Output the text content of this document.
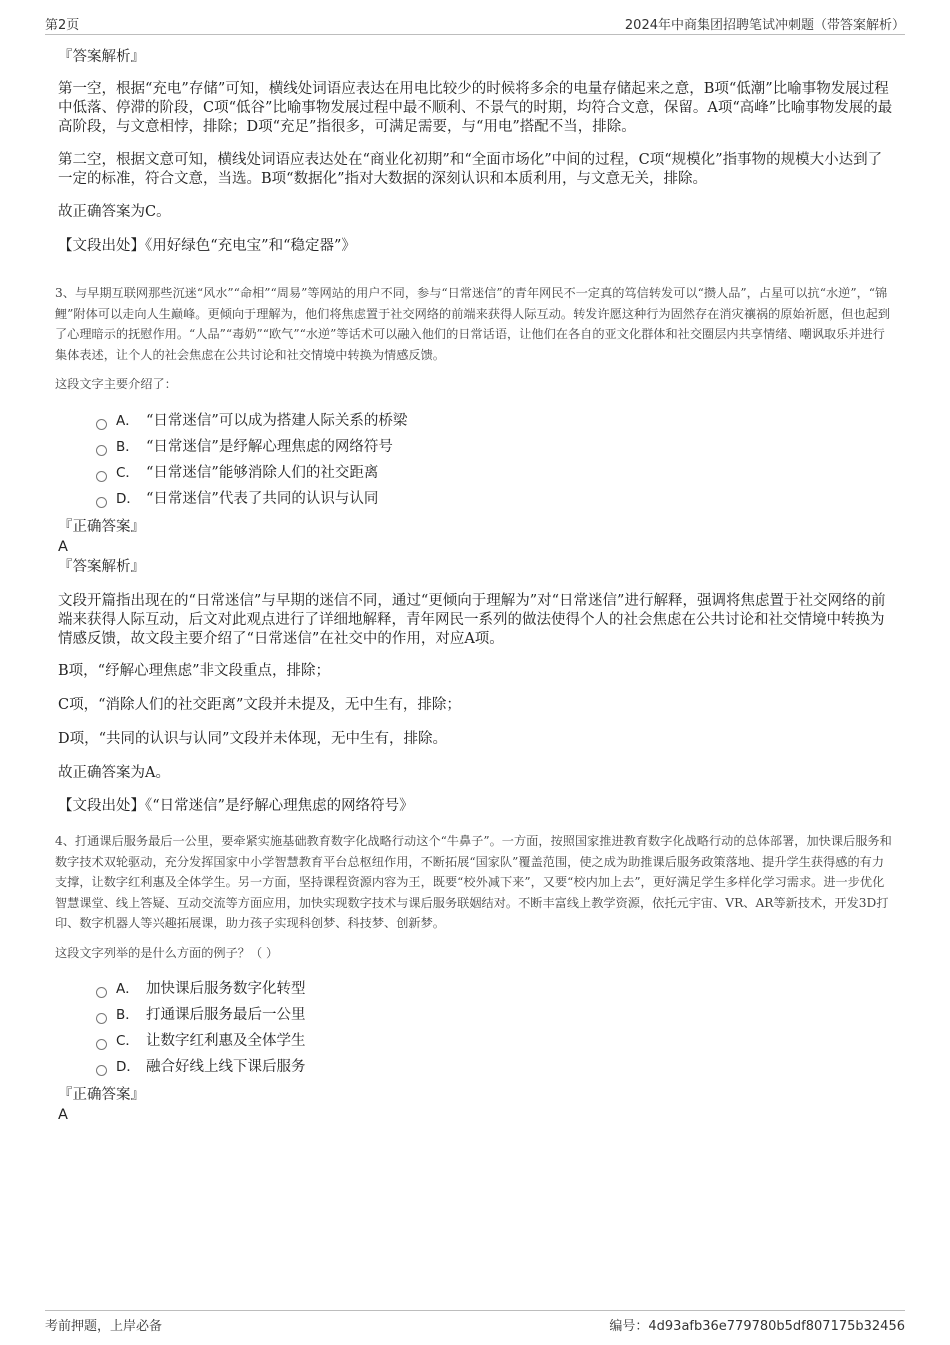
第2页	2024年中商集团招聘笔试冲刺题（带答案解析）
『答案解析』

第一空，根据“充电”存储”可知，横线处词语应表达在用电比较少的时候将多余的电量存储起来之意，B项“低潮”比喻事物发展过程中低落、停滞的阶段，C项“低谷”比喻事物发展过程中最不顺利、不景气的时期，均符合文意，保留。A项“高峰”比喻事物发展的最高阶段，与文意相悖，排除；D项“充足”指很多，可满足需要，与“用电”搭配不当，排除。

第二空，根据文意可知，横线处词语应表达处在“商业化初期”和“全面市场化”中间的过程，C项“规模化”指事物的规模大小达到了一定的标准，符合文意，当选。B项“数据化”指对大数据的深刻认识和本质利用，与文意无关，排除。

故正确答案为C。

【文段出处】《用好绿色“充电宝”和“稳定器”》

3、与早期互联网那些沉迷“风水”“命相”“周易”等网站的用户不同，参与“日常迷信”的青年网民不一定真的笃信转发可以“攒人品”，占星可以抗“水逆”，“锦鲤”附体可以走向人生巅峰。更倾向于理解为，他们将焦虑置于社交网络的前端来获得人际互动。转发许愿这种行为固然存在消灾禳祸的原始祈愿，但也起到了心理暗示的抚慰作用。“人品”“毒奶”“欧气”“水逆”等话术可以融入他们的日常话语，让他们在各自的亚文化群体和社交圈层内共享情绪、嘲讽取乐并进行集体表述，让个人的社会焦虑在公共讨论和社交情境中转换为情感反馈。

这段文字主要介绍了：
A． “日常迷信”可以成为搭建人际关系的桥梁
B． “日常迷信”是纾解心理焦虑的网络符号
C． “日常迷信”能够消除人们的社交距离
D． “日常迷信”代表了共同的认识与认同
『正确答案』
A
『答案解析』

文段开篇指出现在的“日常迷信”与早期的迷信不同，通过“更倾向于理解为”对“日常迷信”进行解释，强调将焦虑置于社交网络的前端来获得人际互动，后文对此观点进行了详细地解释，青年网民一系列的做法使得个人的社会焦虑在公共讨论和社交情境中转换为情感反馈，故文段主要介绍了“日常迷信”在社交中的作用，对应A项。

B项，“纾解心理焦虑”非文段重点，排除；

C项，“消除人们的社交距离”文段并未提及，无中生有，排除；

D项，“共同的认识与认同”文段并未体现，无中生有，排除。

故正确答案为A。

【文段出处】《“日常迷信”是纾解心理焦虑的网络符号》

4、打通课后服务最后一公里，要牵紧实施基础教育数字化战略行动这个“牛鼻子”。一方面，按照国家推进教育数字化战略行动的总体部署，加快课后服务和数字技术双轮驱动，充分发挥国家中小学智慧教育平台总枢纽作用，不断拓展“国家队”覆盖范围，使之成为助推课后服务政策落地、提升学生获得感的有力支撑，让数字红利惠及全体学生。另一方面，坚持课程资源内容为王，既要“校外减下来”，又要“校内加上去”，更好满足学生多样化学习需求。进一步优化智慧课堂、线上答疑、互动交流等方面应用，加快实现数字技术与课后服务联姻结对。不断丰富线上教学资源，依托元宇宙、VR、AR等新技术，开发3D打印、数字机器人等兴趣拓展课，助力孩子实现科创梦、科技梦、创新梦。

这段文字列举的是什么方面的例子？（ ）
A． 加快课后服务数字化转型
B． 打通课后服务最后一公里
C． 让数字红利惠及全体学生
D． 融合好线上线下课后服务
『正确答案』
A
考前押题，上岸必备	编号：4d93afb36e779780b5df807175b32456
